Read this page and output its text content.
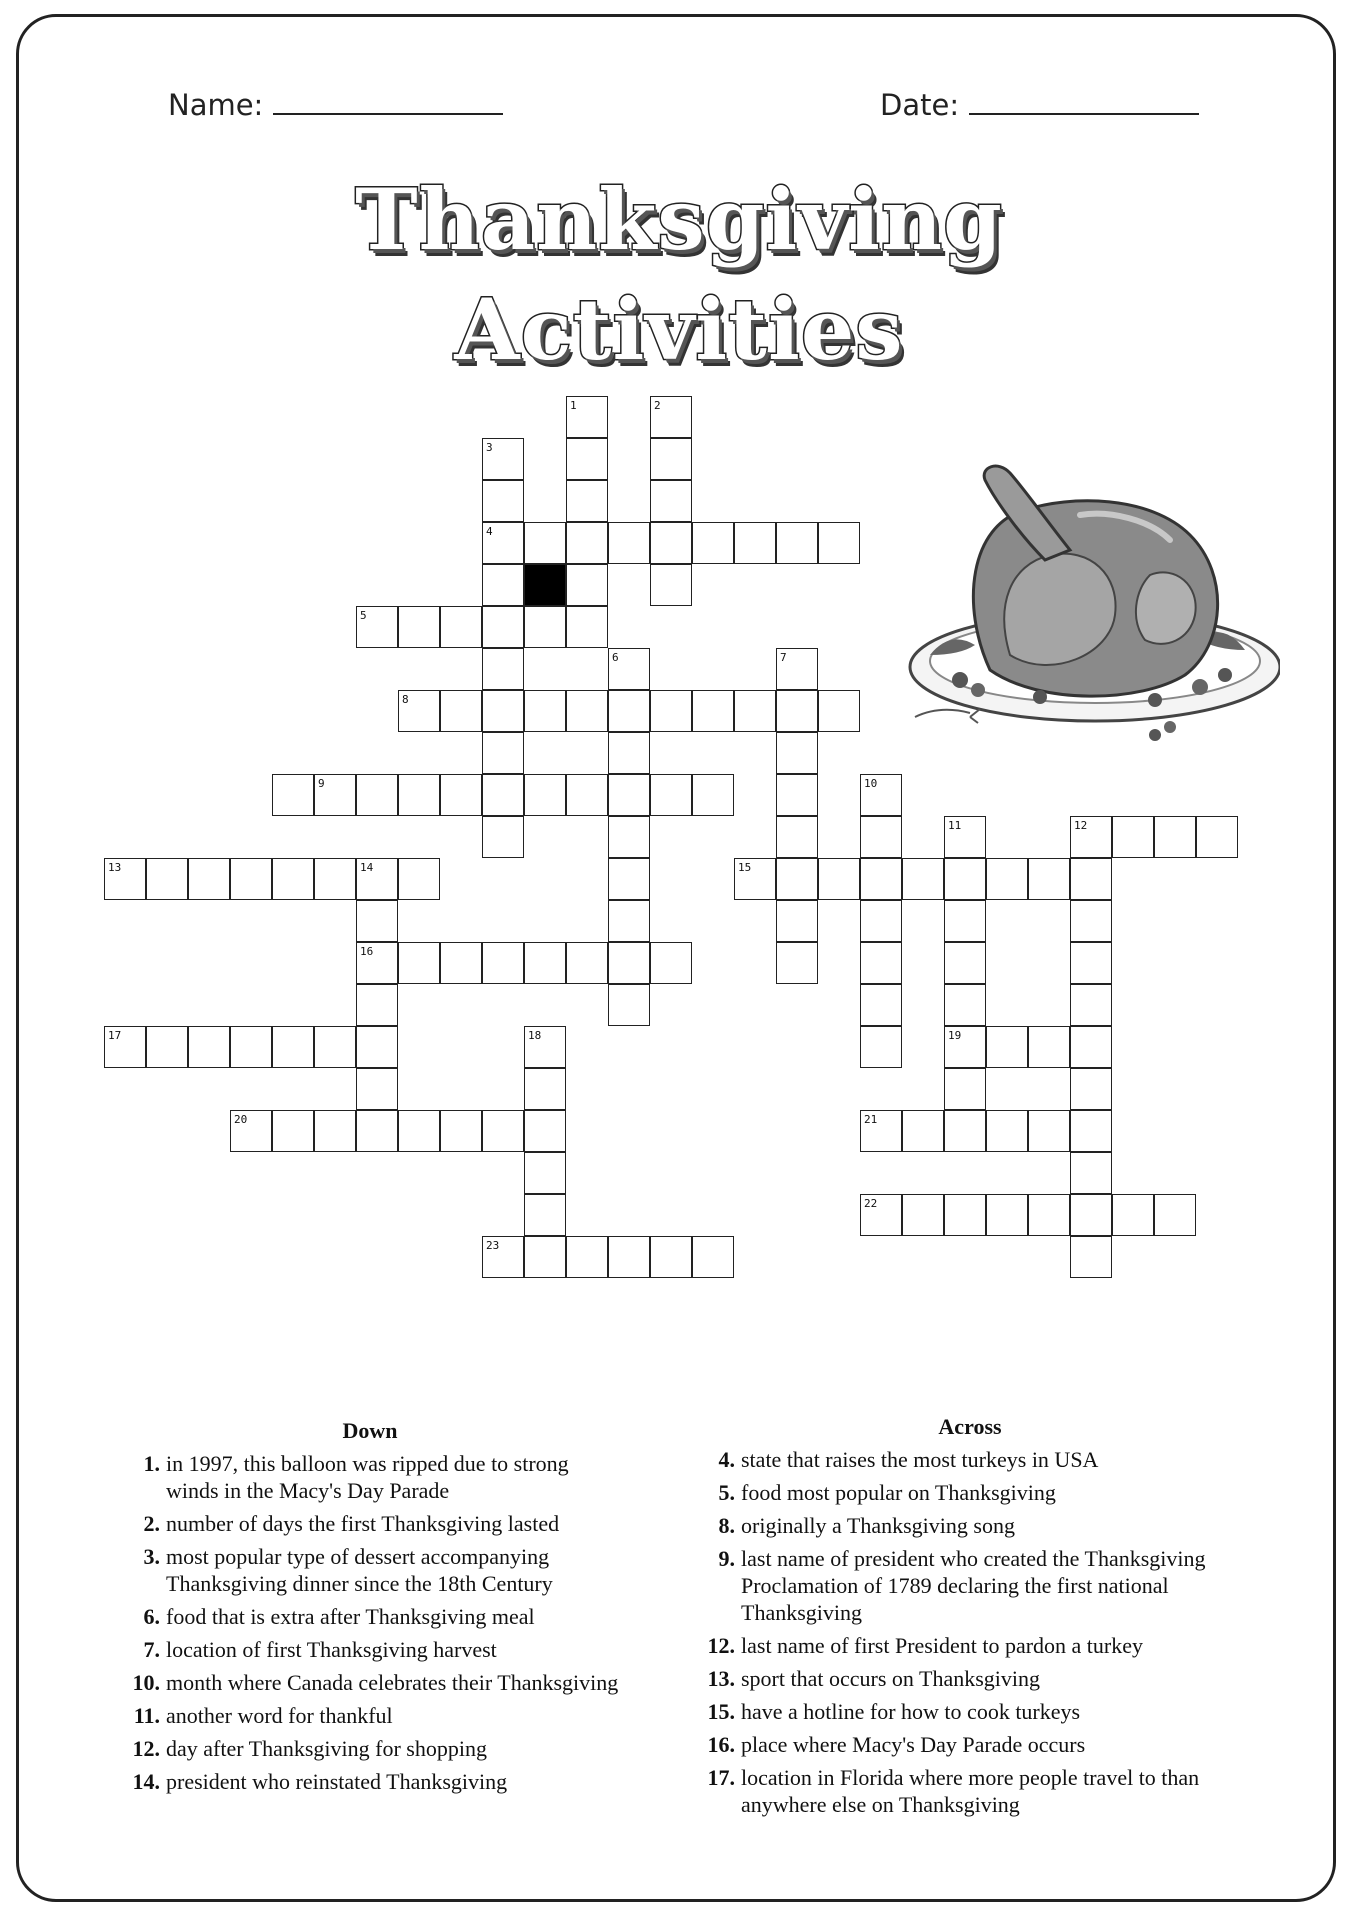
Name:	Date:
Thanksgiving
Activities
1	2
3
4
5
6	7
8
9	10
11	12
13	14	15
16
17	18	19
20	21
22
23
Down
1. in 1997, this balloon was ripped due to strong winds in the Macy's Day Parade
2. number of days the first Thanksgiving lasted
3. most popular type of dessert accompanying Thanksgiving dinner since the 18th Century
6. food that is extra after Thanksgiving meal
7. location of first Thanksgiving harvest
10. month where Canada celebrates their Thanksgiving
11. another word for thankful
12. day after Thanksgiving for shopping
14. president who reinstated Thanksgiving
Across
4. state that raises the most turkeys in USA
5. food most popular on Thanksgiving
8. originally a Thanksgiving song
9. last name of president who created the Thanksgiving Proclamation of 1789 declaring the first national Thanksgiving
12. last name of first President to pardon a turkey
13. sport that occurs on Thanksgiving
15. have a hotline for how to cook turkeys
16. place where Macy's Day Parade occurs
17. location in Florida where more people travel to than anywhere else on Thanksgiving
